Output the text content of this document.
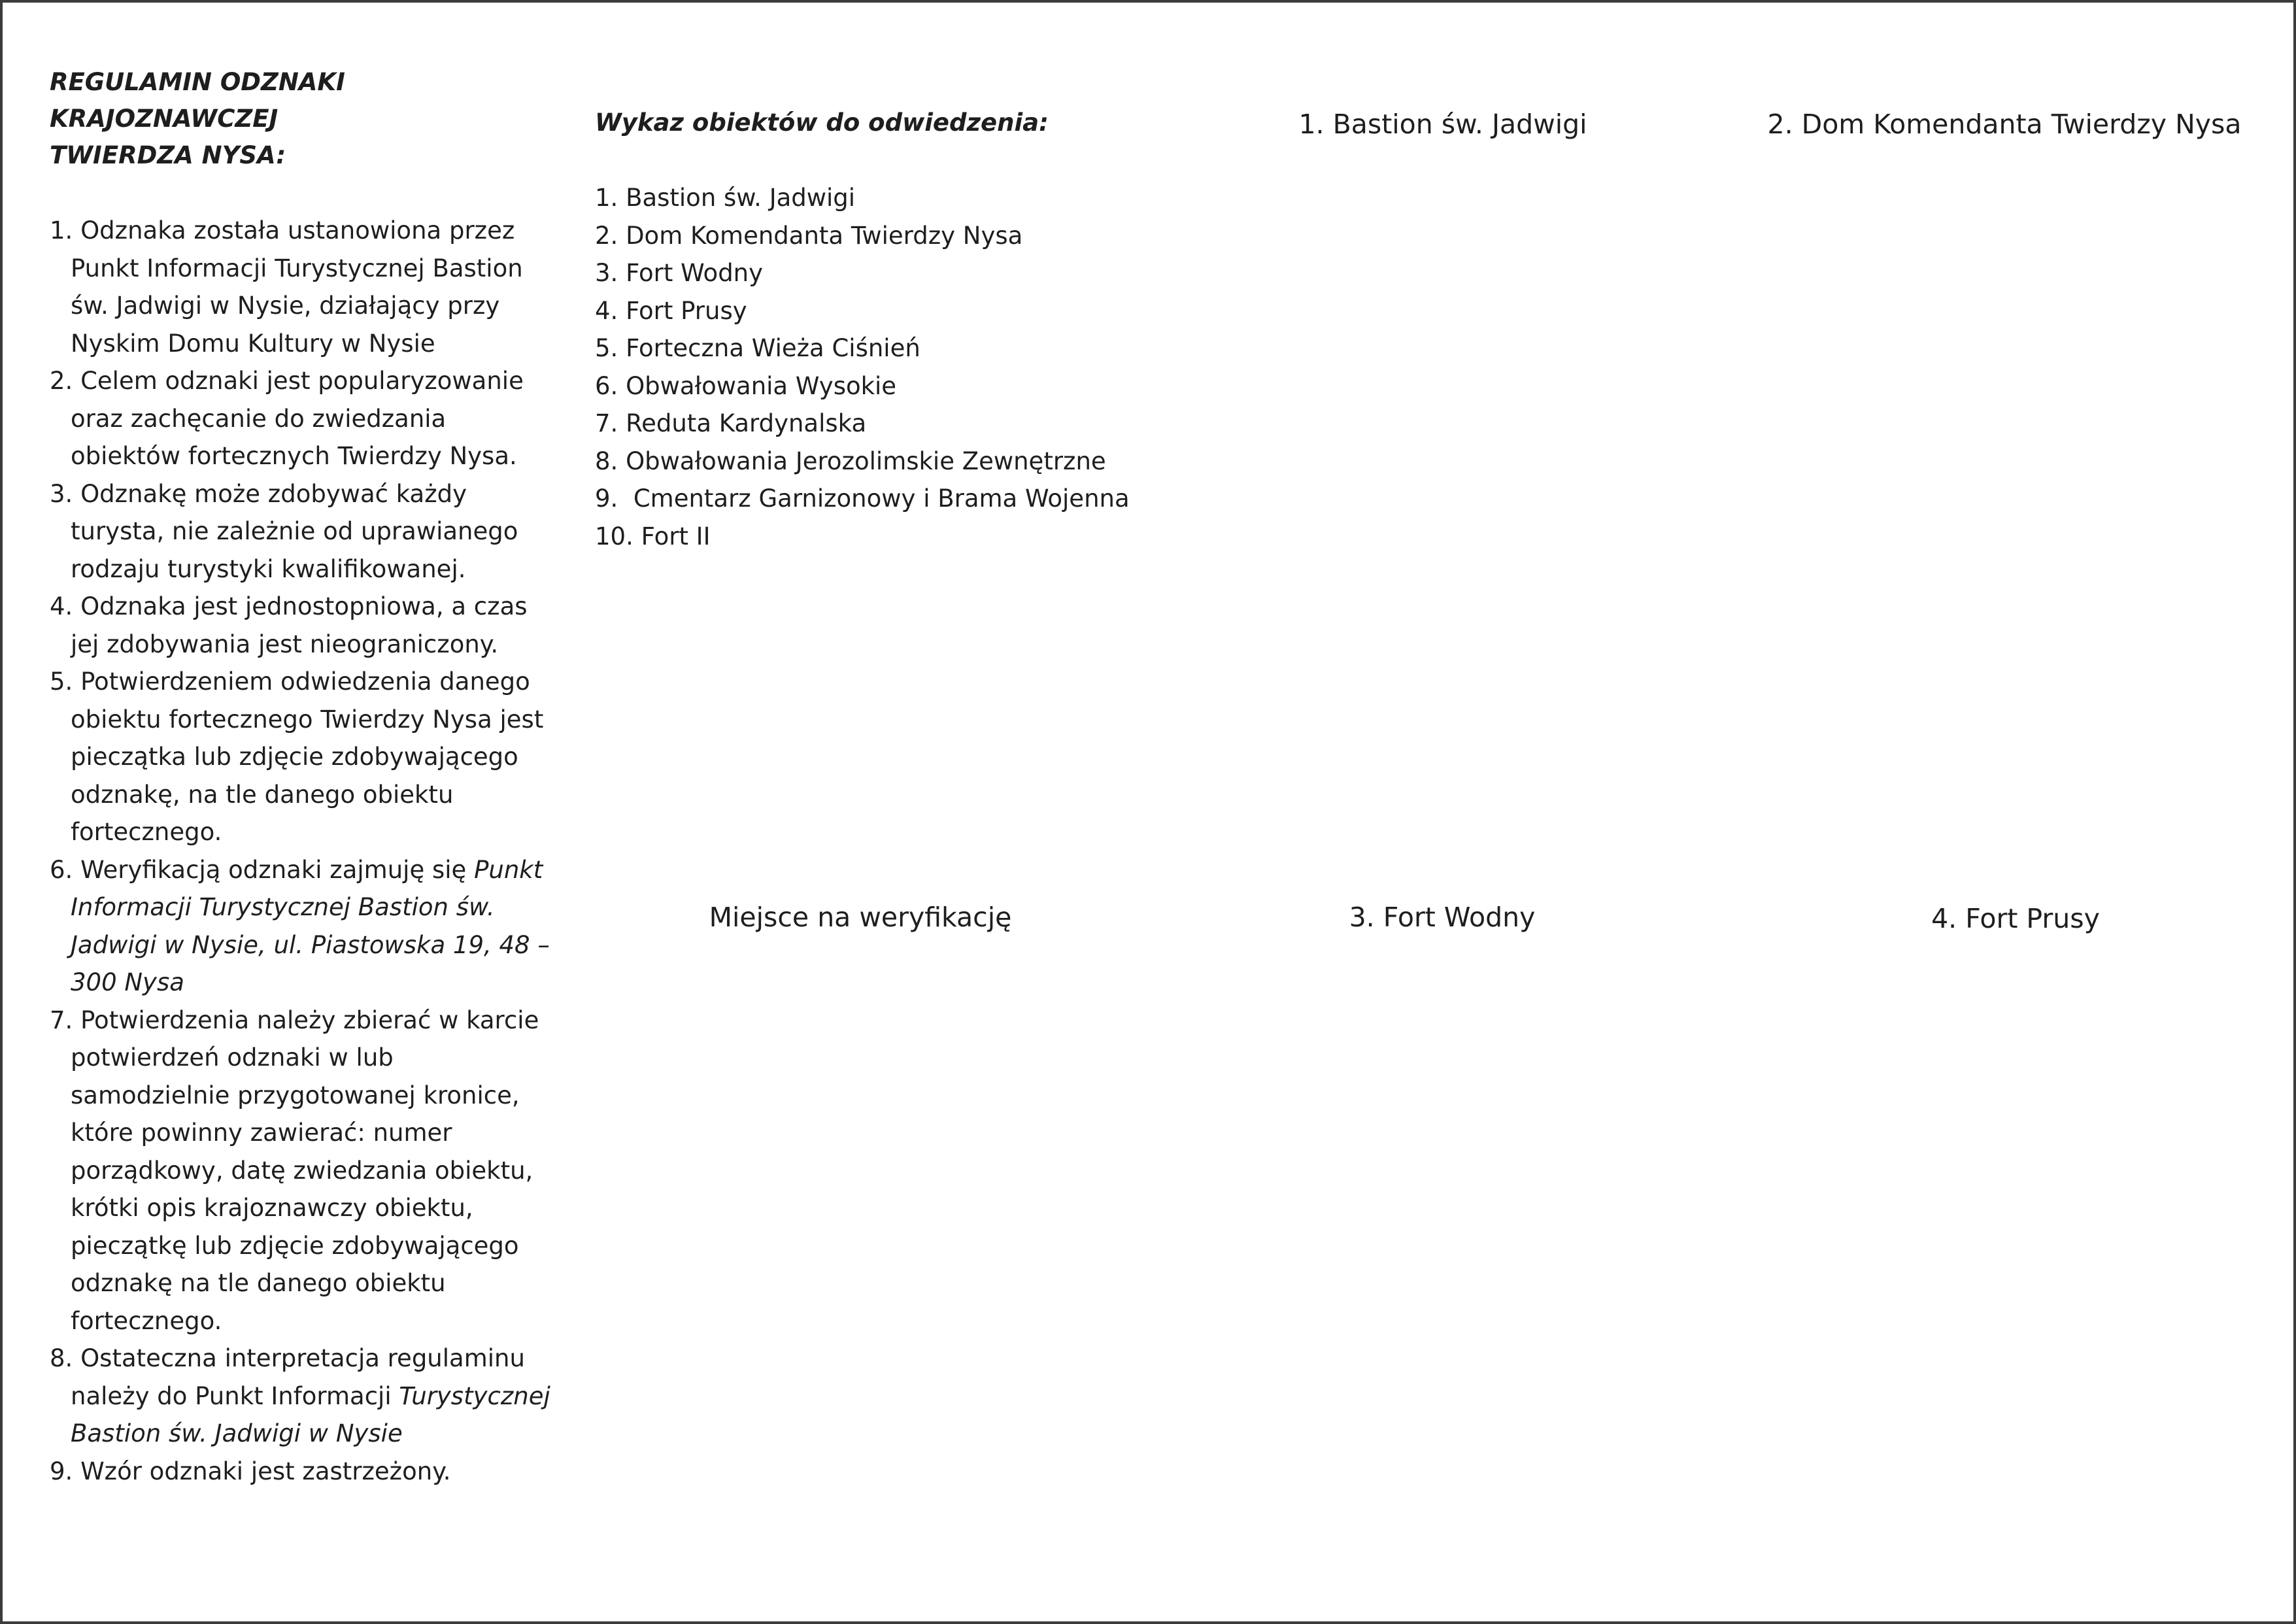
REGULAMIN ODZNAKI KRAJOZNAWCZEJ
TWIERDZA NYSA:
1. Odznaka została ustanowiona przez Punkt Informacji Turystycznej Bastion św. Jadwigi w Nysie, działający przy Nyskim Domu Kultury w Nysie
2. Celem odznaki jest popularyzowanie oraz zachęcanie do zwiedzania obiektów fortecznych Twierdzy Nysa.
3. Odznakę może zdobywać każdy turysta, nie zależnie od uprawianego rodzaju turystyki kwalifikowanej.
4. Odznaka jest jednostopniowa, a czas jej zdobywania jest nieograniczony.
5. Potwierdzeniem odwiedzenia danego obiektu fortecznego Twierdzy Nysa jest pieczątka lub zdjęcie zdobywającego odznakę, na tle danego obiektu fortecznego.
6. Weryfikacją odznaki zajmuję się Punkt Informacji Turystycznej Bastion św. Jadwigi w Nysie, ul. Piastowska 19, 48 – 300 Nysa
7. Potwierdzenia należy zbierać w karcie potwierdzeń odznaki w lub samodzielnie przygotowanej kronice, które powinny zawierać: numer porządkowy, datę zwiedzania obiektu, krótki opis krajoznawczy obiektu, pieczątkę lub zdjęcie zdobywającego odznakę na tle danego obiektu fortecznego.
8. Ostateczna interpretacja regulaminu należy do Punkt Informacji Turystycznej Bastion św. Jadwigi w Nysie
9. Wzór odznaki jest zastrzeżony.
Wykaz obiektów do odwiedzenia:
1. Bastion św. Jadwigi
2. Dom Komendanta Twierdzy Nysa
3. Fort Wodny
4. Fort Prusy
5. Forteczna Wieża Ciśnień
6. Obwałowania Wysokie
7. Reduta Kardynalska
8. Obwałowania Jerozolimskie Zewnętrzne
9.  Cmentarz Garnizonowy i Brama Wojenna
10. Fort II
1. Bastion św. Jadwigi	2. Dom Komendanta Twierdzy Nysa
Miejsce na weryfikację	3. Fort Wodny	4. Fort Prusy
